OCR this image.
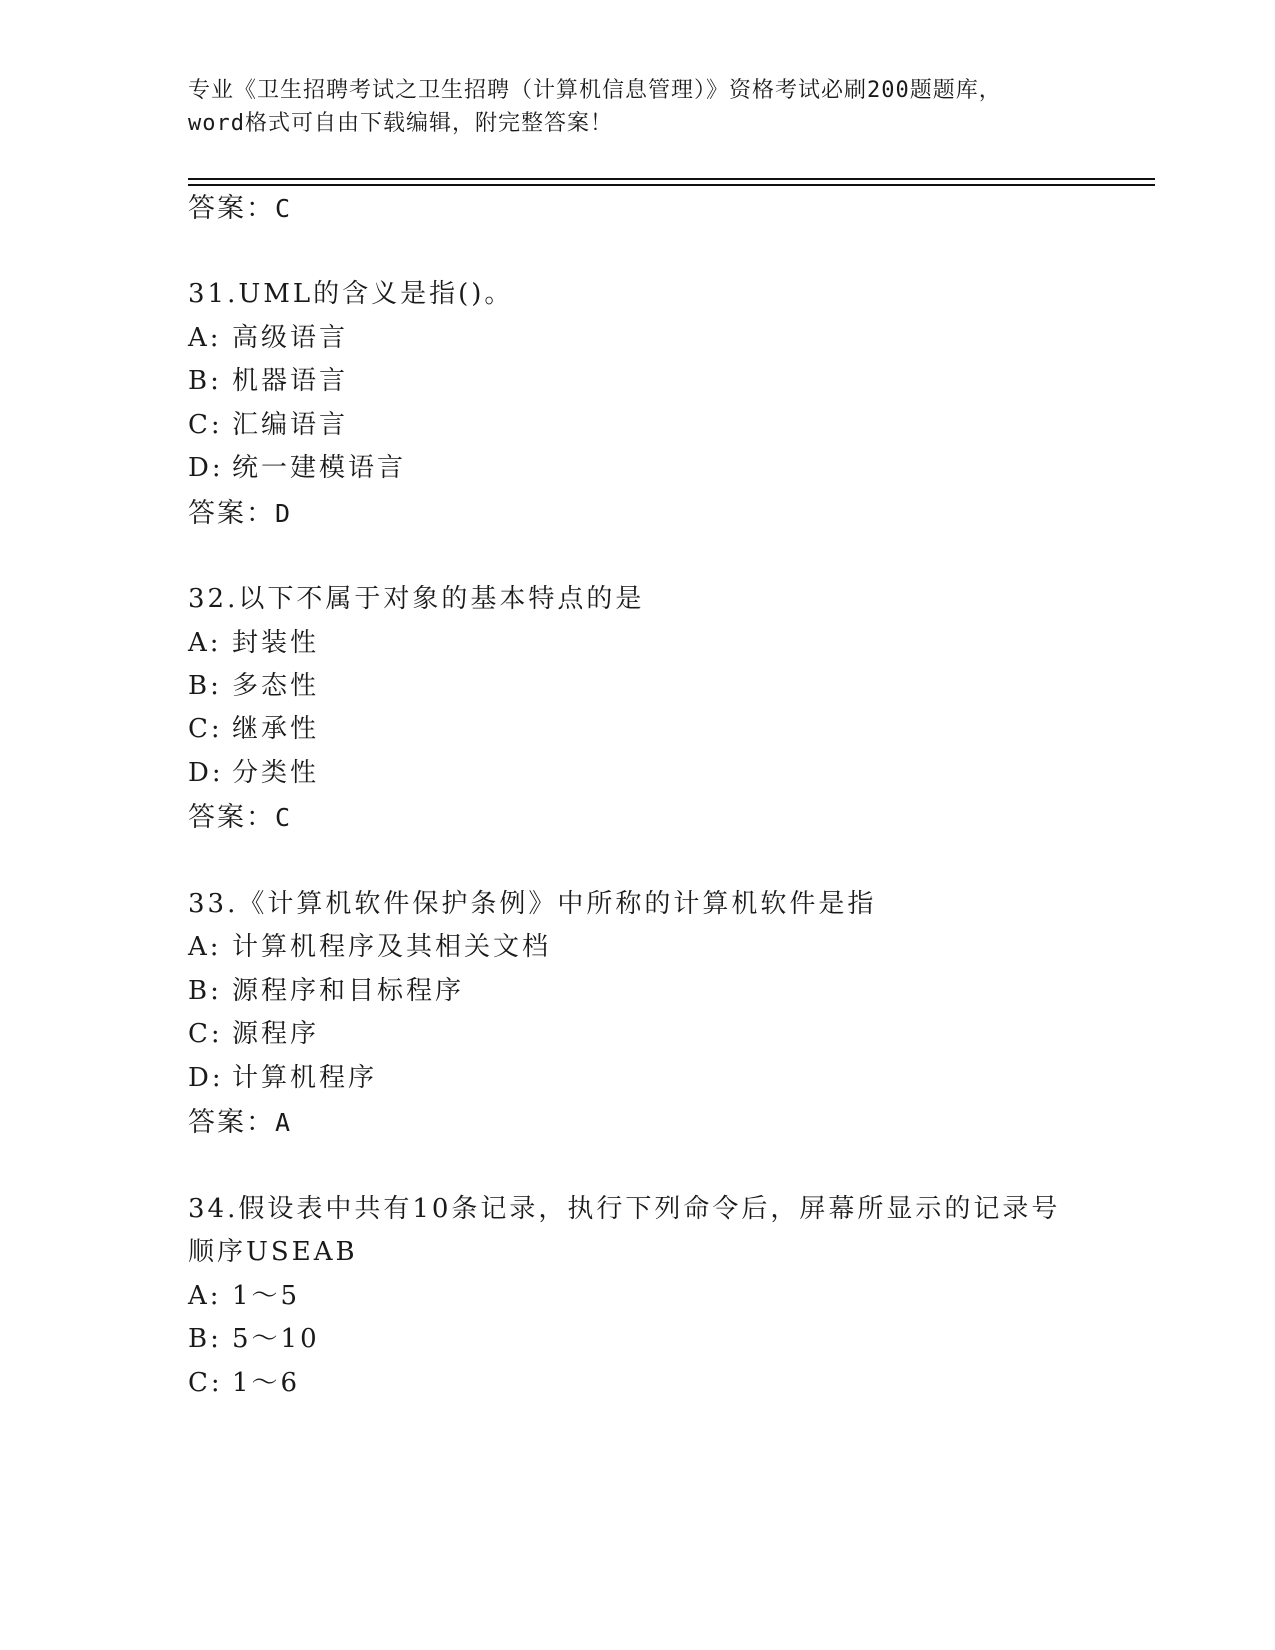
专业《卫生招聘考试之卫生招聘（计算机信息管理）》资格考试必刷200题题库，
word格式可自由下载编辑，附完整答案！
答案：C
31.UML的含义是指()。
A: 高级语言
B: 机器语言
C: 汇编语言
D: 统一建模语言
答案：D
32.以下不属于对象的基本特点的是
A: 封装性
B: 多态性
C: 继承性
D: 分类性
答案：C
33.《计算机软件保护条例》中所称的计算机软件是指
A: 计算机程序及其相关文档
B: 源程序和目标程序
C: 源程序
D: 计算机程序
答案：A
34.假设表中共有10条记录，执行下列命令后，屏幕所显示的记录号
顺序USEAB
A: 1～5
B: 5～10
C: 1～6
